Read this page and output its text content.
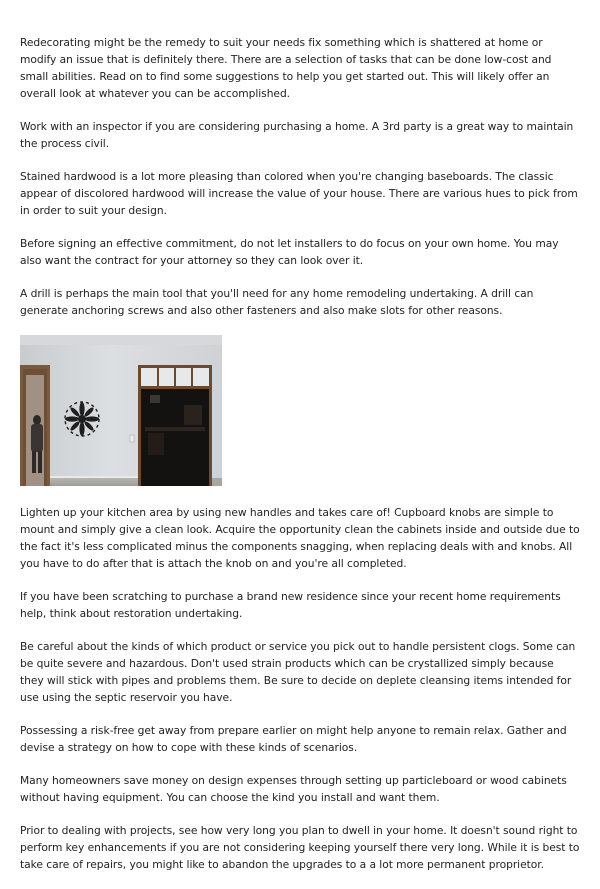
Redecorating might be the remedy to suit your needs fix something which is shattered at home or modify an issue that is definitely there. There are a selection of tasks that can be done low-cost and small abilities. Read on to find some suggestions to help you get started out. This will likely offer an overall look at whatever you can be accomplished.

Work with an inspector if you are considering purchasing a home. A 3rd party is a great way to maintain the process civil.

Stained hardwood is a lot more pleasing than colored when you're changing baseboards. The classic appear of discolored hardwood will increase the value of your house. There are various hues to pick from in order to suit your design.

Before signing an effective commitment, do not let installers to do focus on your own home. You may also want the contract for your attorney so they can look over it.

A drill is perhaps the main tool that you'll need for any home remodeling undertaking. A drill can generate anchoring screws and also other fasteners and also make slots for other reasons.

Lighten up your kitchen area by using new handles and takes care of! Cupboard knobs are simple to mount and simply give a clean look. Acquire the opportunity clean the cabinets inside and outside due to the fact it's less complicated minus the components snagging, when replacing deals with and knobs. All you have to do after that is attach the knob on and you're all completed.

If you have been scratching to purchase a brand new residence since your recent home requirements help, think about restoration undertaking.

Be careful about the kinds of which product or service you pick out to handle persistent clogs. Some can be quite severe and hazardous. Don't used strain products which can be crystallized simply because they will stick with pipes and problems them. Be sure to decide on deplete cleansing items intended for use using the septic reservoir you have.

Possessing a risk-free get away from prepare earlier on might help anyone to remain relax. Gather and devise a strategy on how to cope with these kinds of scenarios.

Many homeowners save money on design expenses through setting up particleboard or wood cabinets without having equipment. You can choose the kind you install and want them.

Prior to dealing with projects, see how very long you plan to dwell in your home. It doesn't sound right to perform key enhancements if you are not considering keeping yourself there very long. While it is best to take care of repairs, you might like to abandon the upgrades to a a lot more permanent proprietor.
